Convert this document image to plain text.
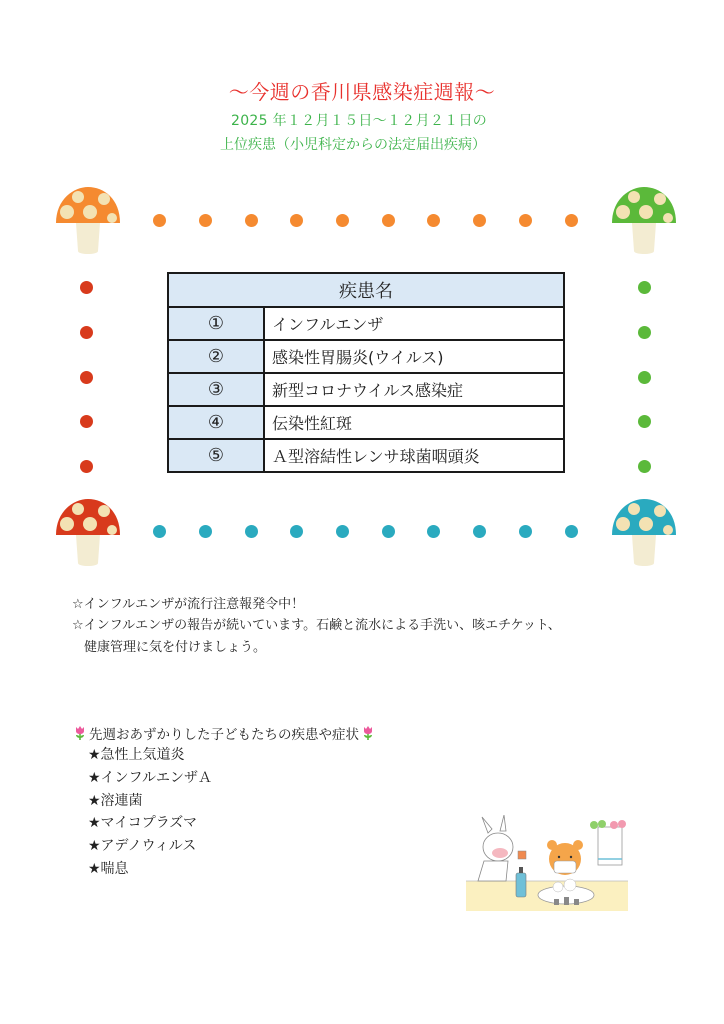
～今週の香川県感染症週報～
2025 年１２月１５日～１２月２１日の
上位疾患（小児科定からの法定届出疾病）
疾患名	
①	インフルエンザ
②	感染性胃腸炎(ウイルス)
③	新型コロナウイルス感染症
④	伝染性紅斑
⑤	Ａ型溶結性レンサ球菌咽頭炎
☆インフルエンザが流行注意報発令中！
☆インフルエンザの報告が続いています。石鹸と流水による手洗い、咳エチケット、
健康管理に気を付けましょう。
先週おあずかりした子どもたちの疾患や症状
★急性上気道炎
★インフルエンザＡ
★溶連菌
★マイコプラズマ
★アデノウィルス
★喘息
